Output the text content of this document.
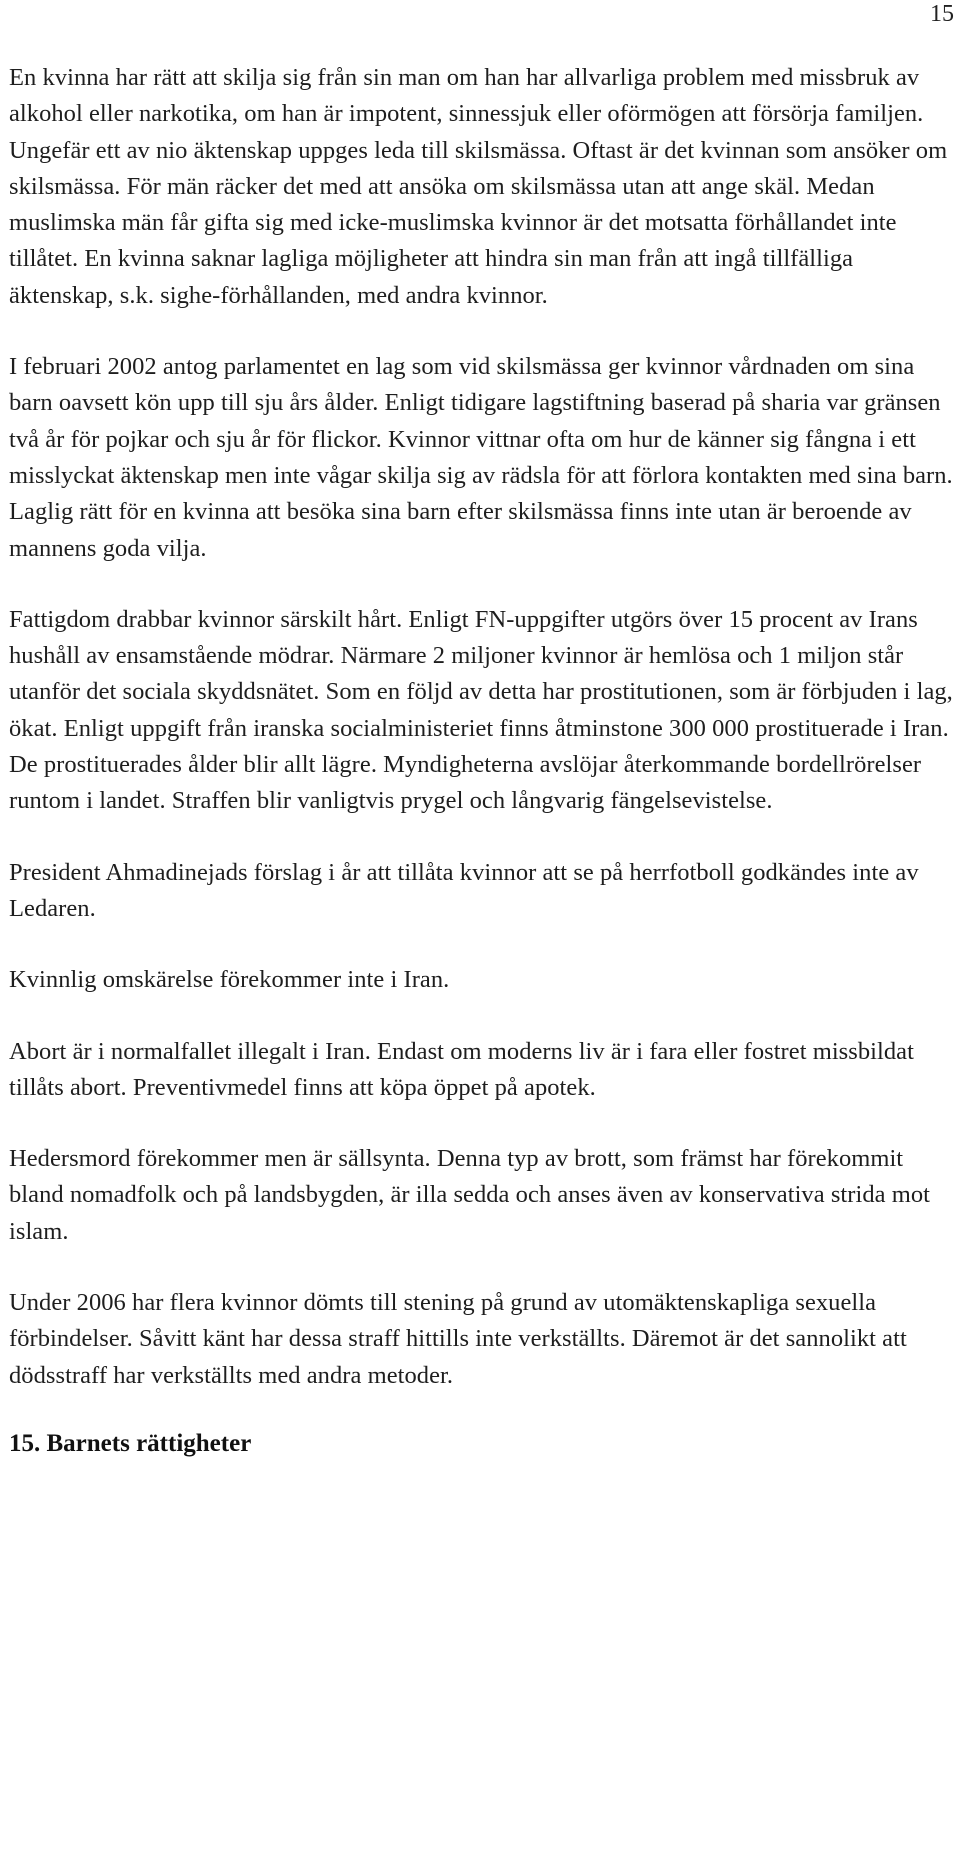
15

En kvinna har rätt att skilja sig från sin man om han har allvarliga problem med missbruk av alkohol eller narkotika, om han är impotent, sinnessjuk eller oförmögen att försörja familjen. Ungefär ett av nio äktenskap uppges leda till skilsmässa. Oftast är det kvinnan som ansöker om skilsmässa. För män räcker det med att ansöka om skilsmässa utan att ange skäl. Medan muslimska män får gifta sig med icke-muslimska kvinnor är det motsatta förhållandet inte tillåtet. En kvinna saknar lagliga möjligheter att hindra sin man från att ingå tillfälliga äktenskap, s.k. sighe-förhållanden, med andra kvinnor.

I februari 2002 antog parlamentet en lag som vid skilsmässa ger kvinnor vårdnaden om sina barn oavsett kön upp till sju års ålder. Enligt tidigare lagstiftning baserad på sharia var gränsen två år för pojkar och sju år för flickor. Kvinnor vittnar ofta om hur de känner sig fångna i ett misslyckat äktenskap men inte vågar skilja sig av rädsla för att förlora kontakten med sina barn. Laglig rätt för en kvinna att besöka sina barn efter skilsmässa finns inte utan är beroende av mannens goda vilja.

Fattigdom drabbar kvinnor särskilt hårt. Enligt FN-uppgifter utgörs över 15 procent av Irans hushåll av ensamstående mödrar. Närmare 2 miljoner kvinnor är hemlösa och 1 miljon står utanför det sociala skyddsnätet. Som en följd av detta har prostitutionen, som är förbjuden i lag, ökat. Enligt uppgift från iranska socialministeriet finns åtminstone 300 000 prostituerade i Iran. De prostituerades ålder blir allt lägre. Myndigheterna avslöjar återkommande bordellrörelser runtom i landet. Straffen blir vanligtvis prygel och långvarig fängelsevistelse.

President Ahmadinejads förslag i år att tillåta kvinnor att se på herrfotboll godkändes inte av Ledaren.

Kvinnlig omskärelse förekommer inte i Iran.

Abort är i normalfallet illegalt i Iran. Endast om moderns liv är i fara eller fostret missbildat tillåts abort. Preventivmedel finns att köpa öppet på apotek.

Hedersmord förekommer men är sällsynta. Denna typ av brott, som främst har förekommit bland nomadfolk och på landsbygden, är illa sedda och anses även av konservativa strida mot islam.

Under 2006 har flera kvinnor dömts till stening på grund av utomäktenskapliga sexuella förbindelser. Såvitt känt har dessa straff hittills inte verkställts. Däremot är det sannolikt att dödsstraff har verkställts med andra metoder.

15. Barnets rättigheter
